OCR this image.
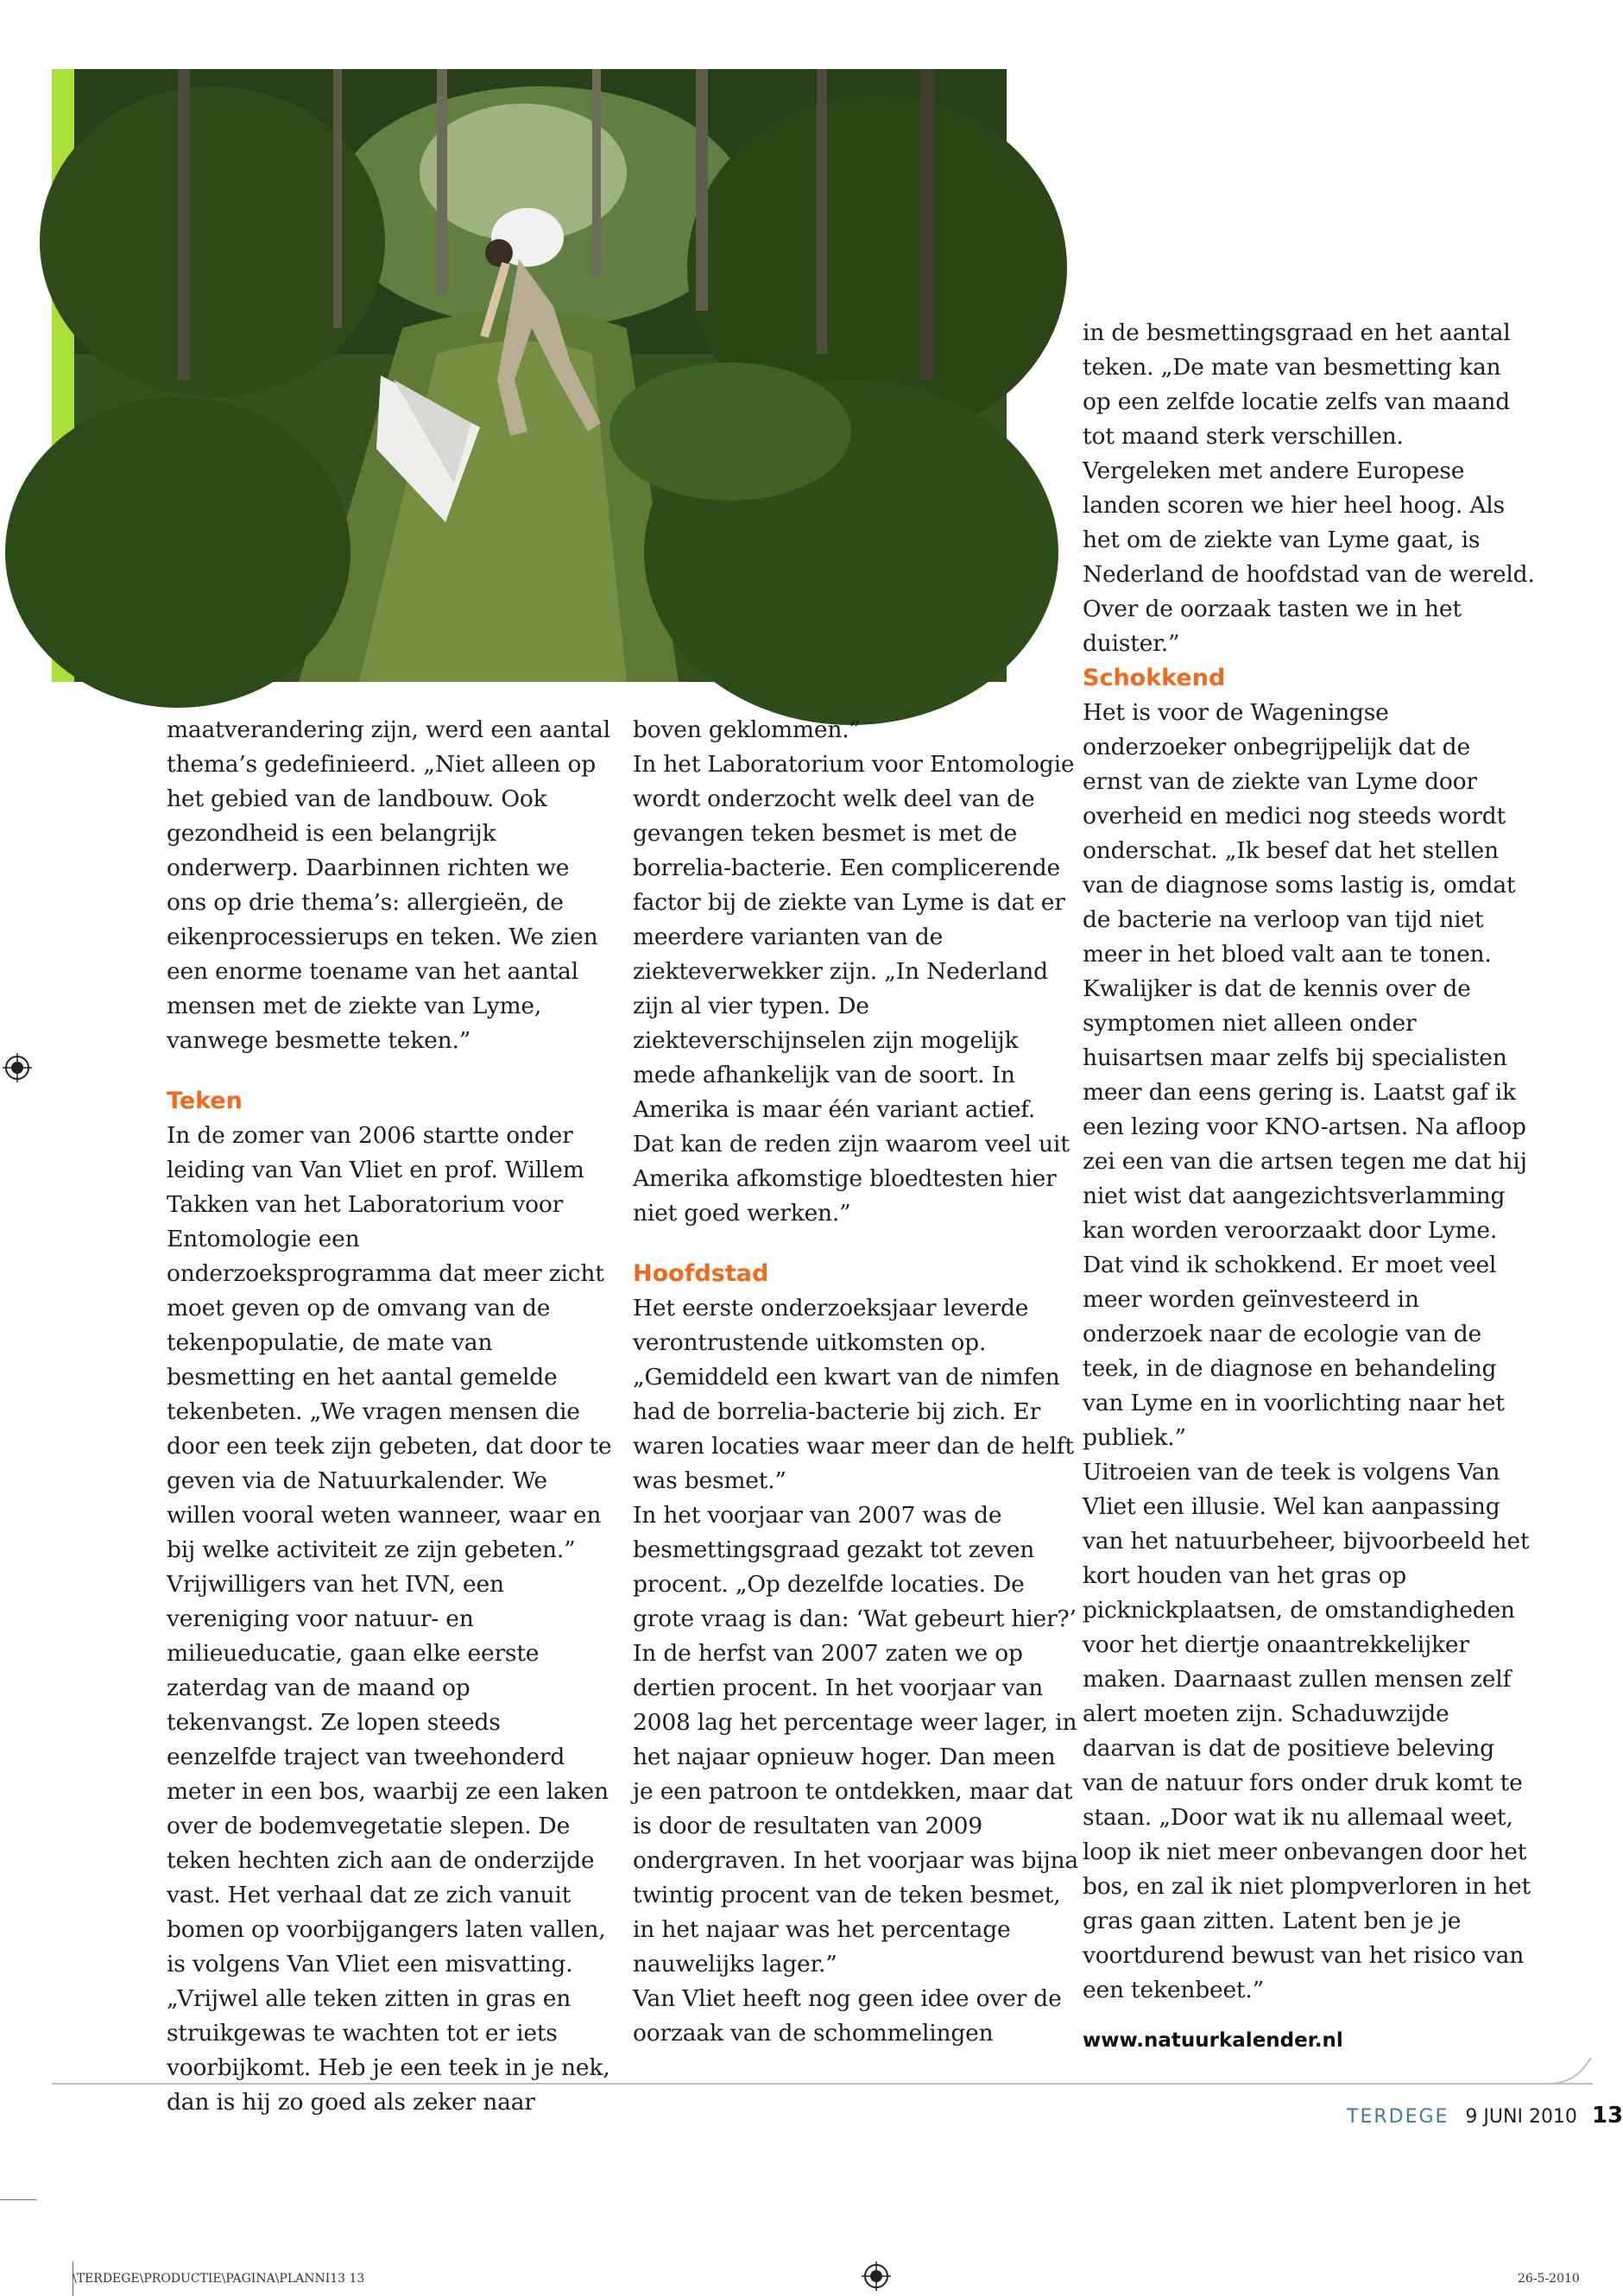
maatverandering zijn, werd een aantal thema’s gedefinieerd. „Niet alleen op het gebied van de landbouw. Ook gezondheid is een belangrijk onderwerp. Daarbinnen richten we ons op drie thema’s: allergieën, de eikenprocessierups en teken. We zien een enorme toename van het aantal mensen met de ziekte van Lyme, vanwege besmette teken.”

Teken

In de zomer van 2006 startte onder leiding van Van Vliet en prof. Willem Takken van het Laboratorium voor Entomologie een onderzoeksprogramma dat meer zicht moet geven op de omvang van de tekenpopulatie, de mate van besmetting en het aantal gemelde tekenbeten. „We vragen mensen die door een teek zijn gebeten, dat door te geven via de Natuurkalender. We willen vooral weten wanneer, waar en bij welke activiteit ze zijn gebeten.”

Vrijwilligers van het IVN, een vereniging voor natuur- en milieueducatie, gaan elke eerste zaterdag van de maand op tekenvangst. Ze lopen steeds eenzelfde traject van tweehonderd meter in een bos, waarbij ze een laken over de bodemvegetatie slepen. De teken hechten zich aan de onderzijde vast. Het verhaal dat ze zich vanuit bomen op voorbijgangers laten vallen, is volgens Van Vliet een misvatting. „Vrijwel alle teken zitten in gras en struikgewas te wachten tot er iets voorbijkomt. Heb je een teek in je nek, dan is hij zo goed als zeker naar

boven geklommen.”

In het Laboratorium voor Entomologie wordt onderzocht welk deel van de gevangen teken besmet is met de borrelia-bacterie. Een complicerende factor bij de ziekte van Lyme is dat er meerdere varianten van de ziekteverwekker zijn. „In Nederland zijn al vier typen. De ziekteverschijnselen zijn mogelijk mede afhankelijk van de soort. In Amerika is maar één variant actief. Dat kan de reden zijn waarom veel uit Amerika afkomstige bloedtesten hier niet goed werken.”

Hoofdstad

Het eerste onderzoeksjaar leverde verontrustende uitkomsten op. „Gemiddeld een kwart van de nimfen had de borrelia-bacterie bij zich. Er waren locaties waar meer dan de helft was besmet.”

In het voorjaar van 2007 was de besmettingsgraad gezakt tot zeven procent. „Op dezelfde locaties. De grote vraag is dan: ‘Wat gebeurt hier?’ In de herfst van 2007 zaten we op dertien procent. In het voorjaar van 2008 lag het percentage weer lager, in het najaar opnieuw hoger. Dan meen je een patroon te ontdekken, maar dat is door de resultaten van 2009 ondergraven. In het voorjaar was bijna twintig procent van de teken besmet, in het najaar was het percentage nauwelijks lager.”

Van Vliet heeft nog geen idee over de oorzaak van de schommelingen

in de besmettingsgraad en het aantal teken. „De mate van besmetting kan op een zelfde locatie zelfs van maand tot maand sterk verschillen. Vergeleken met andere Europese landen scoren we hier heel hoog. Als het om de ziekte van Lyme gaat, is Nederland de hoofdstad van de wereld. Over de oorzaak tasten we in het duister.”

Schokkend

Het is voor de Wageningse onderzoeker onbegrijpelijk dat de ernst van de ziekte van Lyme door overheid en medici nog steeds wordt onderschat. „Ik besef dat het stellen van de diagnose soms lastig is, omdat de bacterie na verloop van tijd niet meer in het bloed valt aan te tonen. Kwalijker is dat de kennis over de symptomen niet alleen onder huisartsen maar zelfs bij specialisten meer dan eens gering is. Laatst gaf ik een lezing voor KNO-artsen. Na afloop zei een van die artsen tegen me dat hij niet wist dat aangezichtsverlamming kan worden veroorzaakt door Lyme. Dat vind ik schokkend. Er moet veel meer worden geïnvesteerd in onderzoek naar de ecologie van de teek, in de diagnose en behandeling van Lyme en in voorlichting naar het publiek.”

Uitroeien van de teek is volgens Van Vliet een illusie. Wel kan aanpassing van het natuurbeheer, bijvoorbeeld het kort houden van het gras op picknickplaatsen, de omstandigheden voor het diertje onaantrekkelijker maken. Daarnaast zullen mensen zelf alert moeten zijn. Schaduwzijde daarvan is dat de positieve beleving van de natuur fors onder druk komt te staan. „Door wat ik nu allemaal weet, loop ik niet meer onbevangen door het bos, en zal ik niet plompverloren in het gras gaan zitten. Latent ben je je voortdurend bewust van het risico van een tekenbeet.”

www.natuurkalender.nl
TERDEGE 9 JUNI 2010 13
\TERDEGE\PRODUCTIE\PAGINA\PLANNI13 13	26-5-2010
